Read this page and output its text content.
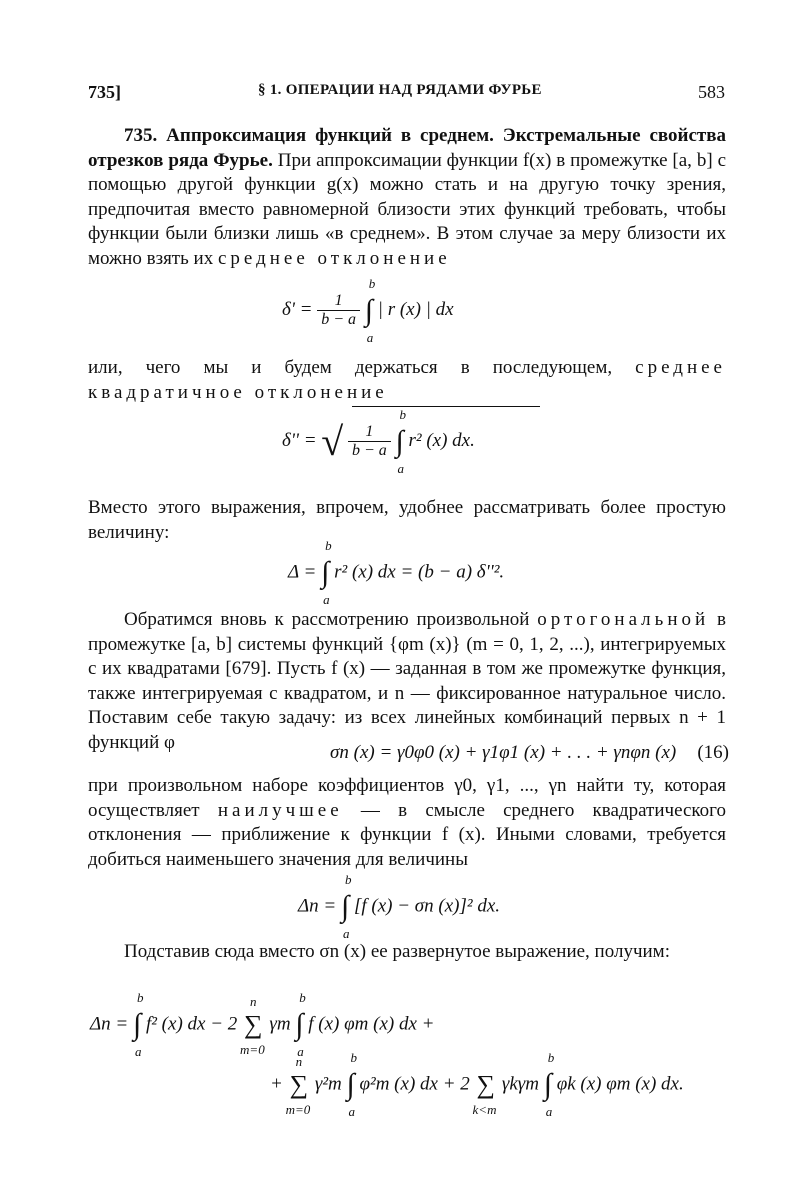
735]	§ 1. ОПЕРАЦИИ НАД РЯДАМИ ФУРЬЕ	583
735. Аппроксимация функций в среднем. Экстремальные свойства отрезков ряда Фурье. При аппроксимации функции f(x) в промежутке [a, b] с помощью другой функции g(x) можно стать и на другую точку зрения, предпочитая вместо равномерной близости этих функций требовать, чтобы функции были близки лишь «в среднем». В этом случае за меру близости их можно взять их среднее отклонение
$\delta' = \frac{1}{b - a}$ ∫
b
a
| r (x) | dx
или, чего мы и будем держаться в последующем, среднее квадратичное отклонение
δ'' = √ $\frac{1}{b - a}$ ∫
b
a
r² (x) dx.
Вместо этого выражения, впрочем, удобнее рассматривать более простую величину:
Δ = ∫
b
a
r² (x) dx = (b − a) δ''².
Обратимся вновь к рассмотрению произвольной ортогональной в промежутке [a, b] системы функций {φm (x)} (m = 0, 1, 2, ...), интегрируемых с их квадратами [679]. Пусть f (x) — заданная в том же промежутке функция, также интегрируемая с квадратом, и n — фиксированное натуральное число. Поставим себе такую задачу: из всех линейных комбинаций первых n + 1 функций φ	σn (x) = γ0φ0 (x) + γ1φ1 (x) + . . . + γnφn (x) (16)
при произвольном наборе коэффициентов γ0, γ1, ..., γn найти ту, которая осуществляет наилучшее — в смысле среднего квадратического отклонения — приближение к функции f (x). Иными словами, требуется добиться наименьшего значения для величины
Δn = ∫
b
a
[f (x) − σn (x)]² dx.
Подставив сюда вместо σn (x) ее развернутое выражение, получим:
Δn = ∫
b
a
f² (x) dx − 2 ∑
n
m=0
γm ∫
b
a
f (x) φm (x) dx +
+ ∑
n
m=0
γ²m ∫
b
a
φ²m (x) dx + 2 ∑
k<m
γkγm ∫
b
a
φk (x) φm (x) dx.
